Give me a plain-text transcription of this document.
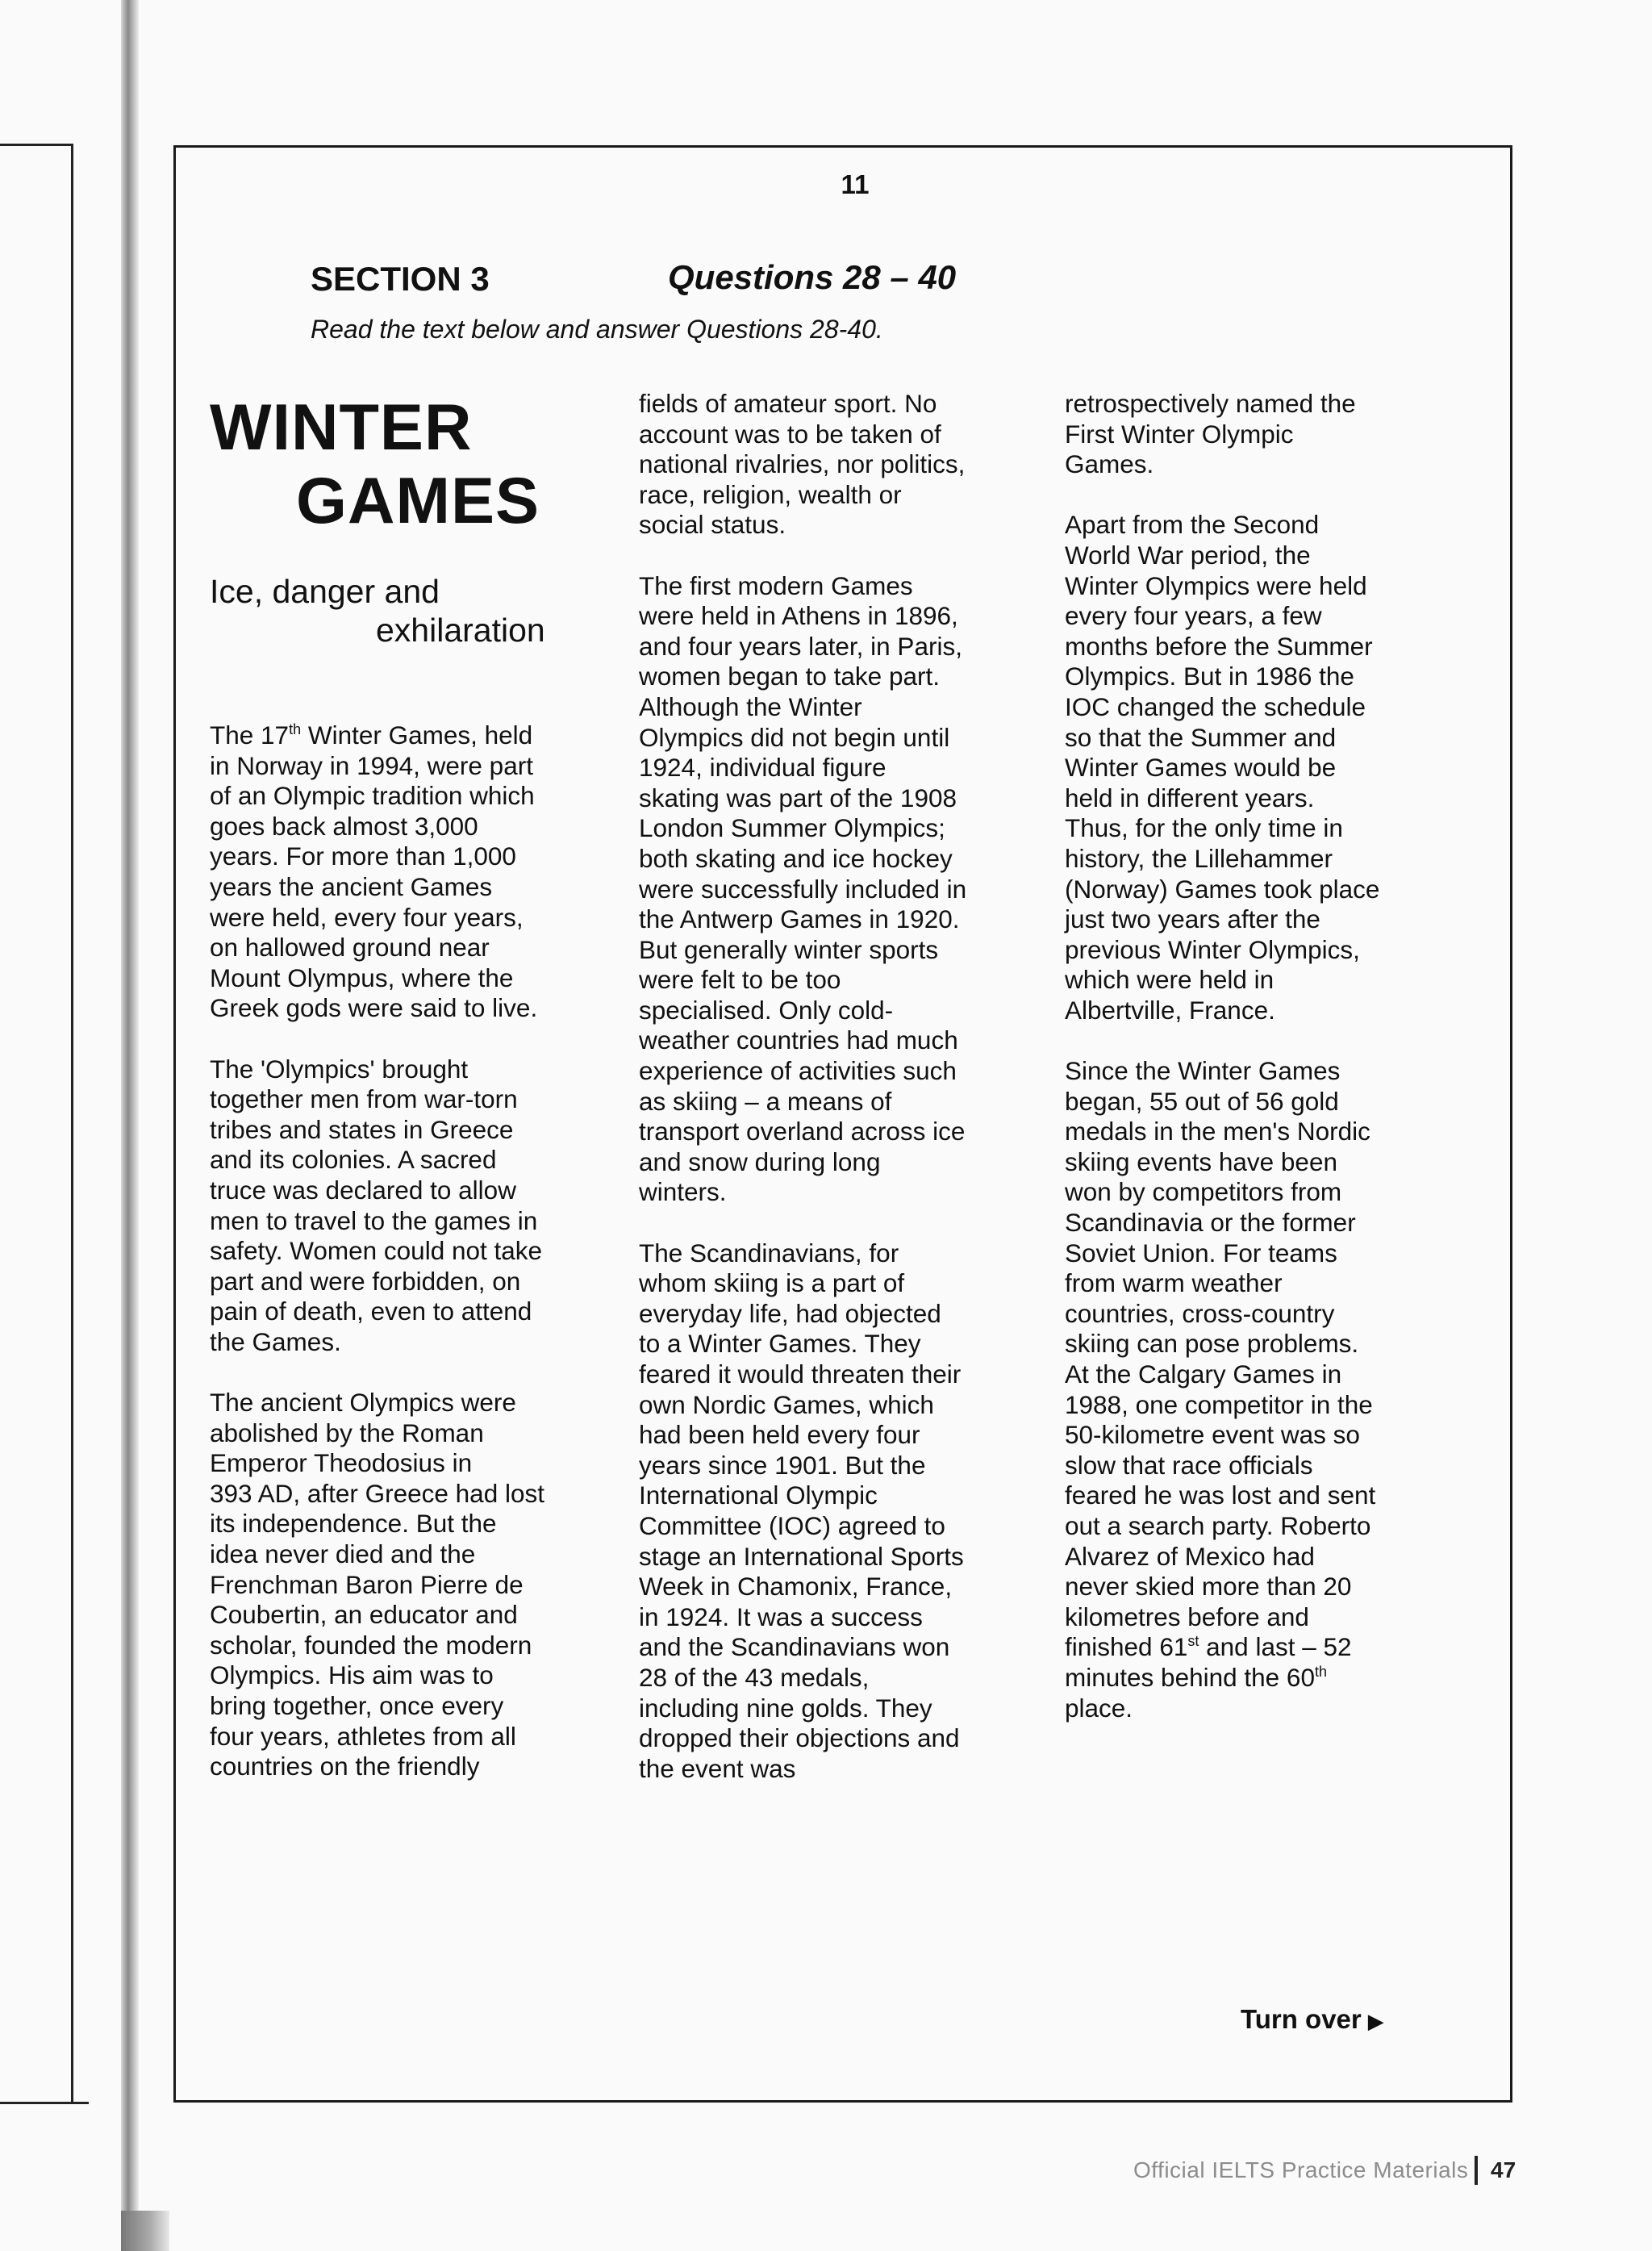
11
SECTION 3	Questions 28 – 40
Read the text below and answer Questions 28-40.
WINTER
GAMES
Ice, danger and
exhilaration

The 17th Winter Games, held
in Norway in 1994, were part
of an Olympic tradition which
goes back almost 3,000
years. For more than 1,000
years the ancient Games
were held, every four years,
on hallowed ground near
Mount Olympus, where the
Greek gods were said to live.

The 'Olympics' brought
together men from war-torn
tribes and states in Greece
and its colonies. A sacred
truce was declared to allow
men to travel to the games in
safety. Women could not take
part and were forbidden, on
pain of death, even to attend
the Games.

The ancient Olympics were
abolished by the Roman
Emperor Theodosius in
393 AD, after Greece had lost
its independence. But the
idea never died and the
Frenchman Baron Pierre de
Coubertin, an educator and
scholar, founded the modern
Olympics. His aim was to
bring together, once every
four years, athletes from all
countries on the friendly

fields of amateur sport. No
account was to be taken of
national rivalries, nor politics,
race, religion, wealth or
social status.

The first modern Games
were held in Athens in 1896,
and four years later, in Paris,
women began to take part.
Although the Winter
Olympics did not begin until
1924, individual figure
skating was part of the 1908
London Summer Olympics;
both skating and ice hockey
were successfully included in
the Antwerp Games in 1920.
But generally winter sports
were felt to be too
specialised. Only cold-
weather countries had much
experience of activities such
as skiing – a means of
transport overland across ice
and snow during long
winters.

The Scandinavians, for
whom skiing is a part of
everyday life, had objected
to a Winter Games. They
feared it would threaten their
own Nordic Games, which
had been held every four
years since 1901. But the
International Olympic
Committee (IOC) agreed to
stage an International Sports
Week in Chamonix, France,
in 1924. It was a success
and the Scandinavians won
28 of the 43 medals,
including nine golds. They
dropped their objections and
the event was

retrospectively named the
First Winter Olympic
Games.

Apart from the Second
World War period, the
Winter Olympics were held
every four years, a few
months before the Summer
Olympics. But in 1986 the
IOC changed the schedule
so that the Summer and
Winter Games would be
held in different years.
Thus, for the only time in
history, the Lillehammer
(Norway) Games took place
just two years after the
previous Winter Olympics,
which were held in
Albertville, France.

Since the Winter Games
began, 55 out of 56 gold
medals in the men's Nordic
skiing events have been
won by competitors from
Scandinavia or the former
Soviet Union. For teams
from warm weather
countries, cross-country
skiing can pose problems.
At the Calgary Games in
1988, one competitor in the
50-kilometre event was so
slow that race officials
feared he was lost and sent
out a search party. Roberto
Alvarez of Mexico had
never skied more than 20
kilometres before and
finished 61st and last – 52
minutes behind the 60th
place.

Turn over ▶
Official IELTS Practice Materials 47
